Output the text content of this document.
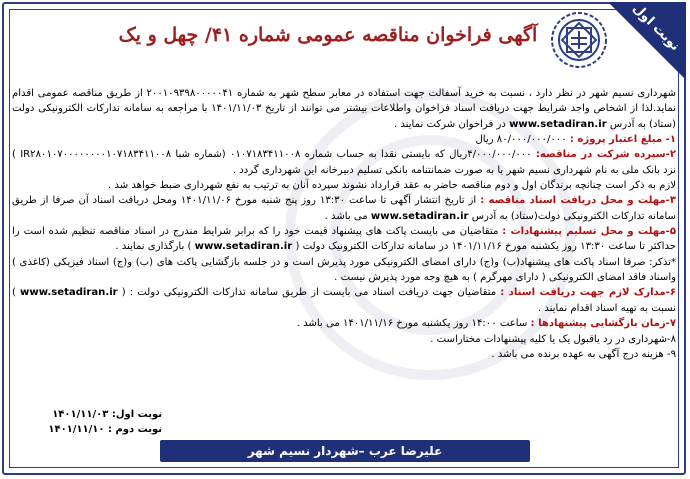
نوبت اول
آگهی فراخوان مناقصه عمومی شماره ۴۱/ چهل و یک

شهرداری نسیم شهر در نظر دارد ، نسبت به خرید آسفالت جهت استفاده در معابر سطح شهر به شماره ۲۰۰۱۰۹۳۹۸۰۰۰۰۰۴۱ از طریق مناقصه عمومی اقدام نماید.لذا از اشخاص واجد شرایط جهت دریافت اسناد فراخوان واطلاعات بیشتر می توانند از تاریخ ۱۴۰۱/۱۱/۰۳ با مراجعه به سامانه تدارکات الکترونیکی دولت (ستاد) به آدرس www.setadiran.ir در فراخوان شرکت نمایند .

۱- مبلغ اعتبار پروژه : ۸۰/۰۰۰/۰۰۰/۰۰۰ ریال

۲-سپرده شرکت در مناقصه: ۴/۰۰۰/۰۰۰/۰۰۰ریال که بایستی نقدا به حساب شماره ۰۱۰۷۱۸۳۴۱۱۰۰۸ (شماره شبا IR۲۸۰۱۰۷۰۰۰۰۰۰۰۰۱۰۷۱۸۳۴۱۱۰۰۸ ) نزد بانک ملی به نام شهرداری نسیم شهر یا به صورت ضمانتنامه بانکی تسلیم دبیرخانه این شهرداری گردد .

لازم به ذکر است چنانچه برندگان اول و دوم مناقصه حاضر به عقد قرارداد نشوند سپرده آنان به ترتیب به نفع شهرداری ضبط خواهد شد .

۳-مهلت و محل دریافت اسناد مناقصه : از تاریخ انتشار آگهی تا ساعت ۱۳:۳۰ روز پنج شنبه مورخ ۱۴۰۱/۱۱/۰۶ ومحل دریافت اسناد آن صرفا از طریق سامانه تدارکات الکترونیکی دولت(ستاد) به آدرس www.setadiran.ir می باشد .

۵-مهلت و محل تسلیم پیشنهادات : متقاضیان می بایست پاکت های پیشنهاد قیمت خود را که برابر شرایط مندرج در اسناد مناقصه تنظیم شده است را حداکثر تا ساعت ۱۳:۳۰ روز یکشنبه مورخ ۱۴۰۱/۱۱/۱۶ در سامانه تدارکات الکترونیک دولت ( www.setadiran.ir ) بارگذاری نمایند .

*تذکر: صرفا اسناد پاکت های پیشنهاد(ب) و(ج) دارای امضای الکترونیکی مورد پذیرش است و در جلسه بازگشایی پاکت های (ب) و(ج) اسناد فیزیکی (کاغذی ) واسناد فاقد امضای الکترونیکی ( دارای مهرگرم ) به هیچ وجه مورد پذیرش نیست .

۶-مدارک لازم جهت دریافت اسناد : متقاضیان جهت دریافت اسناد می بایست از طریق سامانه تدارکات الکترونیکی دولت : ( www.setadiran.ir ) نسبت به تهیه اسناد اقدام نمایند .

۷-زمان بازگشایی پیشنهادها : ساعت ۱۴:۰۰ روز یکشنبه مورخ ۱۴۰۱/۱۱/۱۶ می باشد .

۸-شهرداری در رد یاقبول یک یا کلیه پیشنهادات مختاراست .

۹- هزینه درج آگهی به عهده برنده می باشد .

نوبت اول: ۱۴۰۱/۱۱/۰۳
نوبت دوم : ۱۴۰۱/۱۱/۱۰
علیرضا عرب –شهردار نسیم شهر
